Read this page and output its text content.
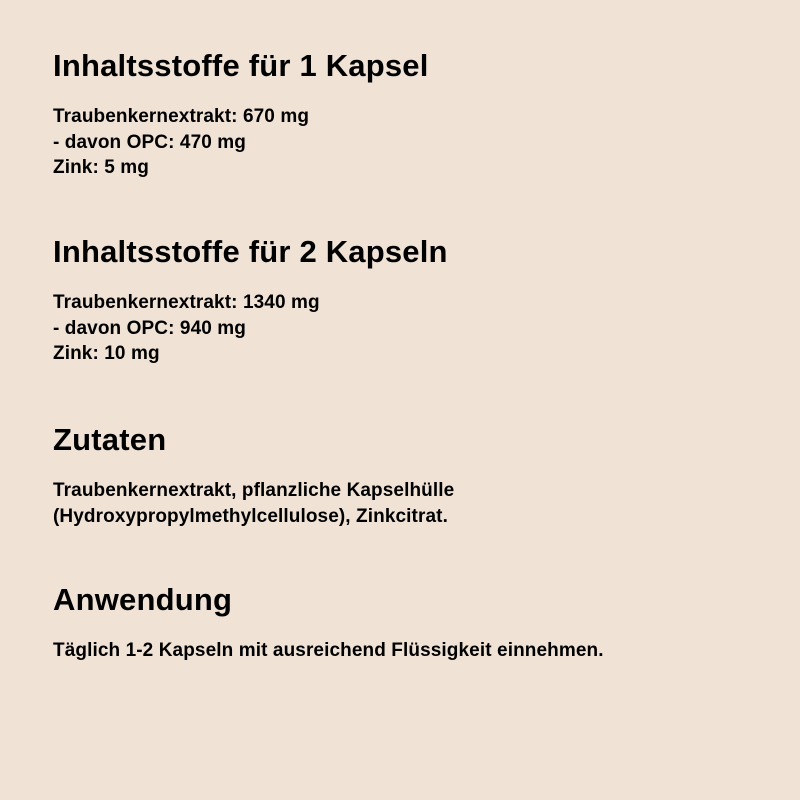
Inhaltsstoffe für 1 Kapsel
Traubenkernextrakt: 670 mg
- davon OPC: 470 mg
Zink: 5 mg
Inhaltsstoffe für 2 Kapseln
Traubenkernextrakt: 1340 mg
- davon OPC: 940 mg
Zink: 10 mg
Zutaten
Traubenkernextrakt, pflanzliche Kapselhülle
(Hydroxypropylmethylcellulose), Zinkcitrat.
Anwendung
Täglich 1-2 Kapseln mit ausreichend Flüssigkeit einnehmen.
